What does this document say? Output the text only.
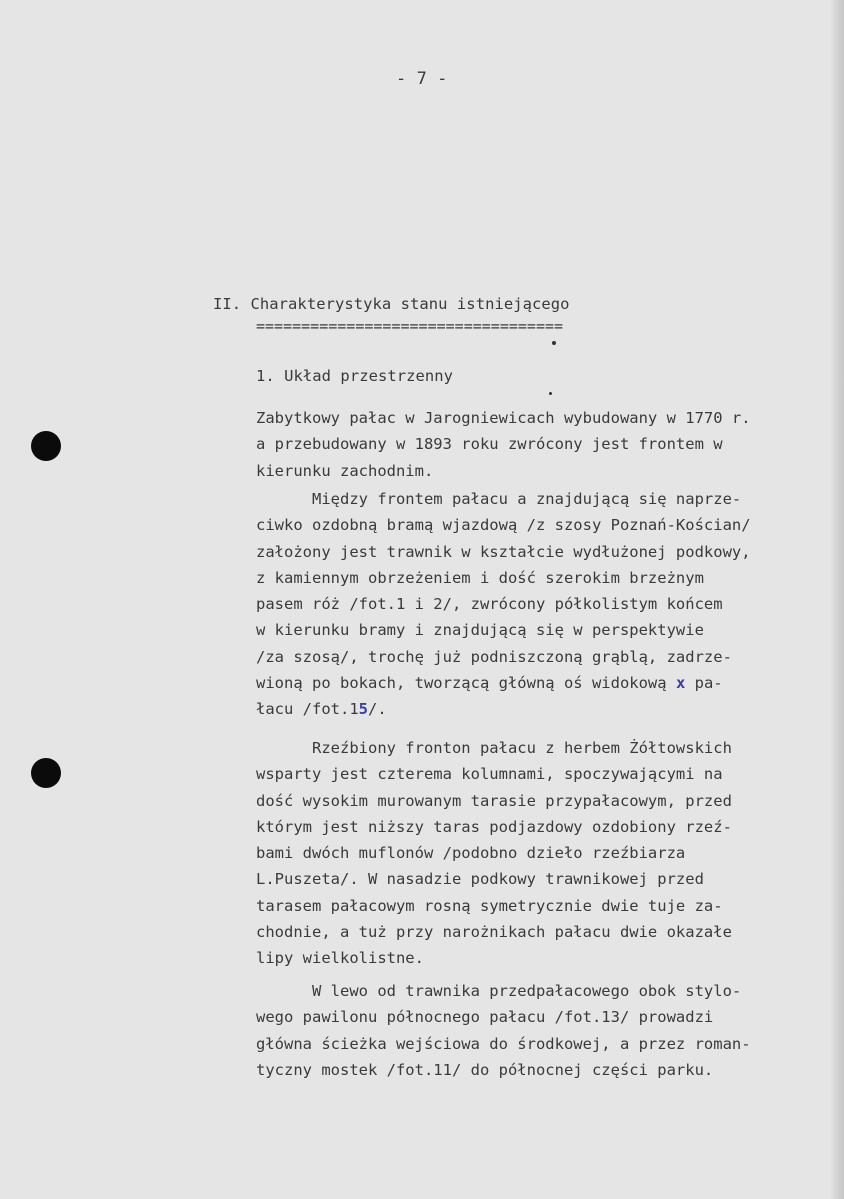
- 7 -
II. Charakterystyka stanu istniejącego
==================================
1. Układ przestrzenny
Zabytkowy pałac w Jarogniewicach wybudowany w 1770 r.
a przebudowany w 1893 roku zwrócony jest frontem w
kierunku zachodnim.
Między frontem pałacu a znajdującą się naprze-
ciwko ozdobną bramą wjazdową /z szosy Poznań-Kościan/
założony jest trawnik w kształcie wydłużonej podkowy,
z kamiennym obrzeżeniem i dość szerokim brzeżnym
pasem róż /fot.1 i 2/, zwrócony półkolistym końcem
w kierunku bramy i znajdującą się w perspektywie
/za szosą/, trochę już podniszczoną grąblą, zadrze-
wioną po bokach, tworzącą główną oś widokową x pa-
łacu /fot.15/.
Rzeźbiony fronton pałacu z herbem Żółtowskich
wsparty jest czterema kolumnami, spoczywającymi na
dość wysokim murowanym tarasie przypałacowym, przed
którym jest niższy taras podjazdowy ozdobiony rzeź-
bami dwóch muflonów /podobno dzieło rzeźbiarza
L.Puszeta/. W nasadzie podkowy trawnikowej przed
tarasem pałacowym rosną symetrycznie dwie tuje za-
chodnie, a tuż przy narożnikach pałacu dwie okazałe
lipy wielkolistne.
W lewo od trawnika przedpałacowego obok stylo-
wego pawilonu północnego pałacu /fot.13/ prowadzi
główna ścieżka wejściowa do środkowej, a przez roman-
tyczny mostek /fot.11/ do północnej części parku.
